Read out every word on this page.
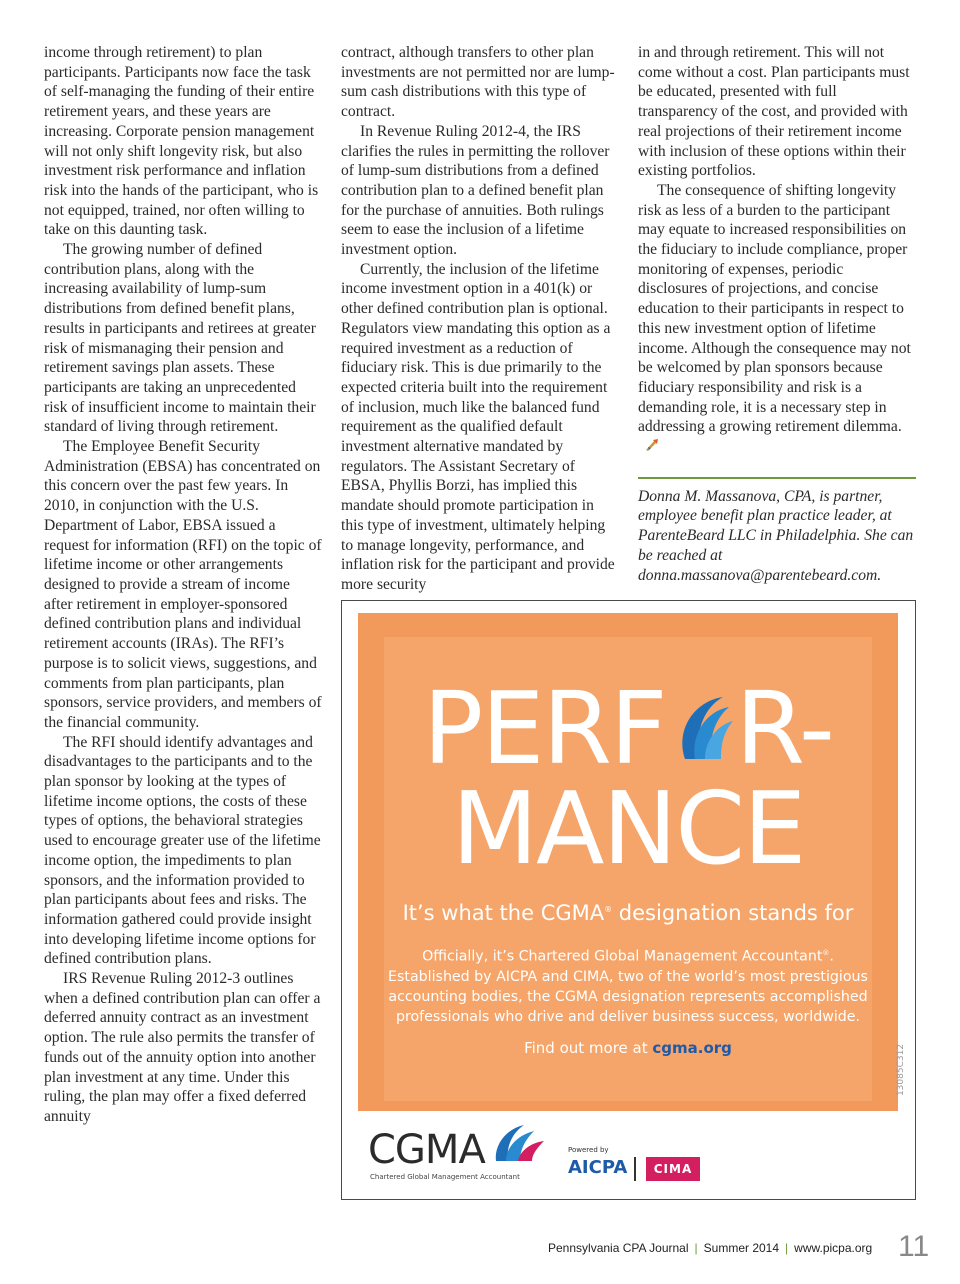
income through retirement) to plan participants. Participants now face the task of self-managing the funding of their entire retirement years, and these years are increasing. Corporate pension management will not only shift longevity risk, but also investment risk performance and inflation risk into the hands of the participant, who is not equipped, trained, nor often willing to take on this daunting task.

The growing number of defined contribution plans, along with the increasing availability of lump-sum distributions from defined benefit plans, results in participants and retirees at greater risk of mismanaging their pension and retirement savings plan assets. These participants are taking an unprecedented risk of insufficient income to maintain their standard of living through retirement.

The Employee Benefit Security Administration (EBSA) has concentrated on this concern over the past few years. In 2010, in conjunction with the U.S. Department of Labor, EBSA issued a request for information (RFI) on the topic of lifetime income or other arrangements designed to provide a stream of income after retirement in employer-sponsored defined contribution plans and individual retirement accounts (IRAs). The RFI’s purpose is to solicit views, suggestions, and comments from plan participants, plan sponsors, service providers, and members of the financial community.

The RFI should identify advantages and disadvantages to the participants and to the plan sponsor by looking at the types of lifetime income options, the costs of these types of options, the behavioral strategies used to encourage greater use of the lifetime income option, the impediments to plan sponsors, and the information provided to plan participants about fees and risks. The information gathered could provide insight into developing lifetime income options for defined contribution plans.

IRS Revenue Ruling 2012-3 outlines when a defined contribution plan can offer a deferred annuity contract as an investment option. The rule also permits the transfer of funds out of the annuity option into another plan investment at any time. Under this ruling, the plan may offer a fixed deferred annuity

contract, although transfers to other plan investments are not permitted nor are lump-sum cash distributions with this type of contract.

In Revenue Ruling 2012-4, the IRS clarifies the rules in permitting the rollover of lump-sum distributions from a defined contribution plan to a defined benefit plan for the purchase of annuities. Both rulings seem to ease the inclusion of a lifetime investment option.

Currently, the inclusion of the lifetime income investment option in a 401(k) or other defined contribution plan is optional. Regulators view mandating this option as a required investment as a reduction of fiduciary risk. This is due primarily to the expected criteria built into the requirement of inclusion, much like the balanced fund requirement as the qualified default investment alternative mandated by regulators. The Assistant Secretary of EBSA, Phyllis Borzi, has implied this mandate should promote participation in this type of investment, ultimately helping to manage longevity, performance, and inflation risk for the participant and provide more security

in and through retirement. This will not come without a cost. Plan participants must be educated, presented with full transparency of the cost, and provided with real projections of their retirement income with inclusion of these options within their existing portfolios.

The consequence of shifting longevity risk as less of a burden to the participant may equate to increased responsibilities on the fiduciary to include compliance, proper monitoring of expenses, periodic disclosures of projections, and concise education to their participants in respect to this new investment option of lifetime income. Although the consequence may not be welcomed by plan sponsors because fiduciary responsibility and risk is a demanding role, it is a necessary step in addressing a growing retirement dilemma.

Donna M. Massanova, CPA, is partner, employee benefit plan practice leader, at ParenteBeard LLC in Philadelphia. She can be reached at donna.massanova@parentebeard.com.

PERF R-
MANCE
It’s what the CGMA® designation stands for
Officially, it’s Chartered Global Management Accountant®. Established by AICPA and CIMA, two of the world’s most prestigious accounting bodies, the CGMA designation represents accomplished professionals who drive and deliver business success, worldwide.
Find out more at cgma.org	13085C312
CGMA
Chartered Global Management Accountant
Powered by
AICPA	CIMA
Pennsylvania CPA Journal | Summer 2014 | www.picpa.org 11
